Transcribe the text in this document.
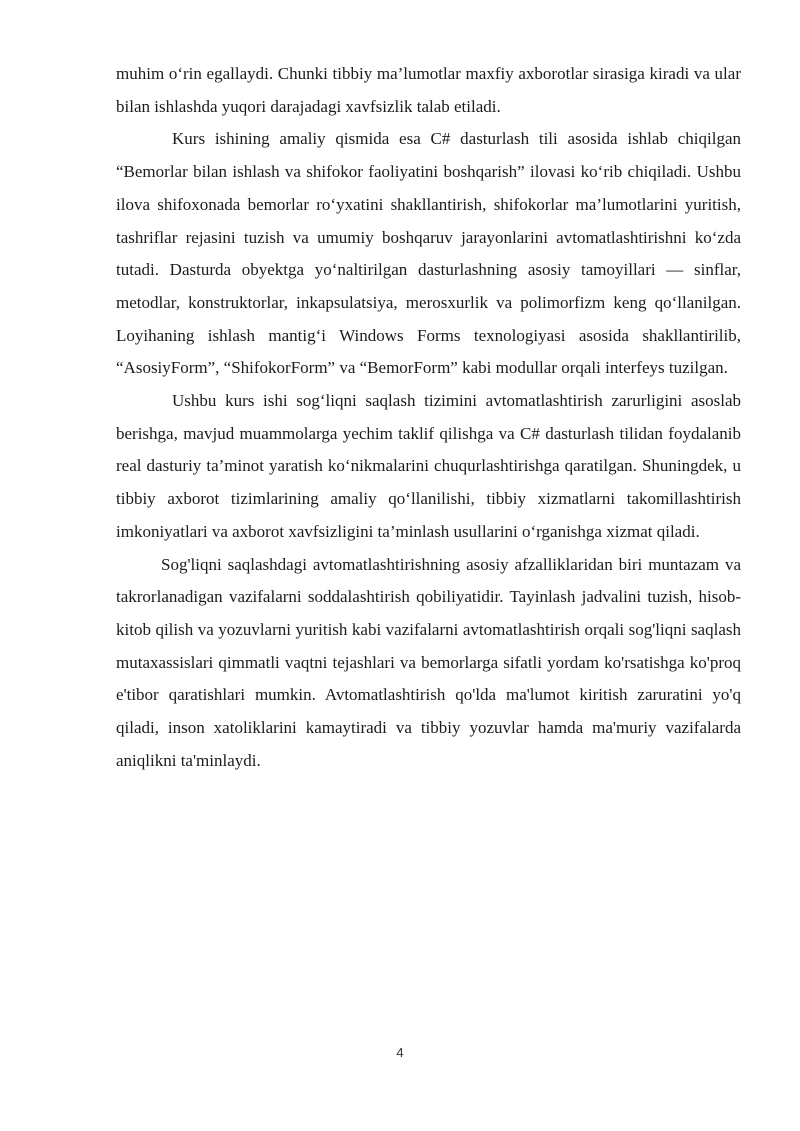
muhim o‘rin egallaydi. Chunki tibbiy ma’lumotlar maxfiy axborotlar sirasiga kiradi va ular bilan ishlashda yuqori darajadagi xavfsizlik talab etiladi.

Kurs ishining amaliy qismida esa C# dasturlash tili asosida ishlab chiqilgan “Bemorlar bilan ishlash va shifokor faoliyatini boshqarish” ilovasi ko‘rib chiqiladi. Ushbu ilova shifoxonada bemorlar ro‘yxatini shakllantirish, shifokorlar ma’lumotlarini yuritish, tashriflar rejasini tuzish va umumiy boshqaruv jarayonlarini avtomatlashtirishni ko‘zda tutadi. Dasturda obyektga yo‘naltirilgan dasturlashning asosiy tamoyillari — sinflar, metodlar, konstruktorlar, inkapsulatsiya, merosxurlik va polimorfizm keng qo‘llanilgan. Loyihaning ishlash mantig‘i Windows Forms texnologiyasi asosida shakllantirilib, “AsosiyForm”, “ShifokorForm” va “BemorForm” kabi modullar orqali interfeys tuzilgan.

Ushbu kurs ishi sog‘liqni saqlash tizimini avtomatlashtirish zarurligini asoslab berishga, mavjud muammolarga yechim taklif qilishga va C# dasturlash tilidan foydalanib real dasturiy ta’minot yaratish ko‘nikmalarini chuqurlashtirishga qaratilgan. Shuningdek, u tibbiy axborot tizimlarining amaliy qo‘llanilishi, tibbiy xizmatlarni takomillashtirish imkoniyatlari va axborot xavfsizligini ta’minlash usullarini o‘rganishga xizmat qiladi.

Sog'liqni saqlashdagi avtomatlashtirishning asosiy afzalliklaridan biri muntazam va takrorlanadigan vazifalarni soddalashtirish qobiliyatidir. Tayinlash jadvalini tuzish, hisob-kitob qilish va yozuvlarni yuritish kabi vazifalarni avtomatlashtirish orqali sog'liqni saqlash mutaxassislari qimmatli vaqtni tejashlari va bemorlarga sifatli yordam ko'rsatishga ko'proq e'tibor qaratishlari mumkin. Avtomatlashtirish qo'lda ma'lumot kiritish zaruratini yo'q qiladi, inson xatoliklarini kamaytiradi va tibbiy yozuvlar hamda ma'muriy vazifalarda aniqlikni ta'minlaydi.

4
